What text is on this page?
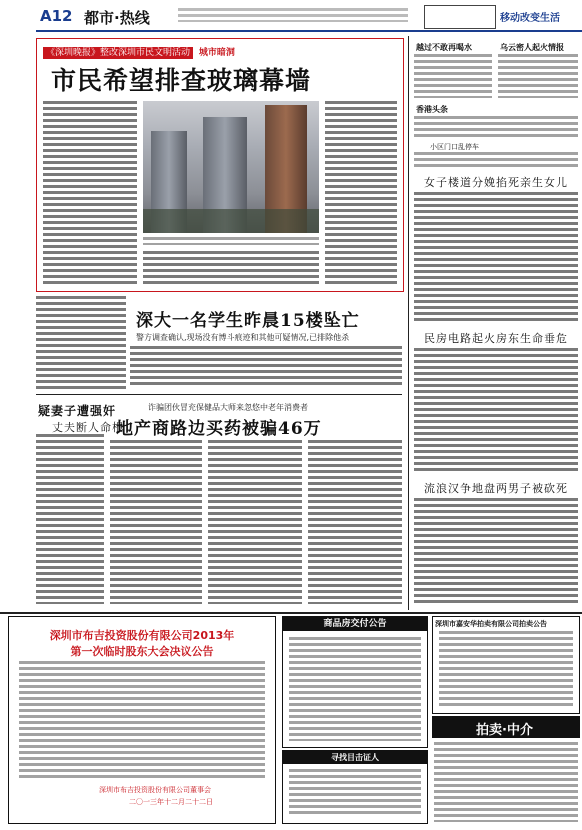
A12 都市·热线	移动改变生活
《深圳晚报》整改深圳市民文明活动 城市暗洞
市民希望排查玻璃幕墙
深大一名学生昨晨15楼坠亡
警方调查确认,现场没有博斗痕迹和其他可疑情况,已排除他杀
疑妻子遭强奸
丈夫断人命根
诈骗团伙冒充保健品大师来忽悠中老年消费者
地产商路边买药被骗46万
越过不敢再喝水	乌云密人起火情报
香港头条
小区门口乱停车
女子楼道分娩掐死亲生女儿
民房电路起火房东生命垂危
流浪汉争地盘两男子被砍死
深圳市布吉投资股份有限公司2013年
第一次临时股东大会决议公告
深圳市布吉投资股份有限公司董事会
二〇一三年十二月二十二日
商品房交付公告
寻找目击证人
深圳市嘉安华拍卖有限公司拍卖公告
拍卖·中介
